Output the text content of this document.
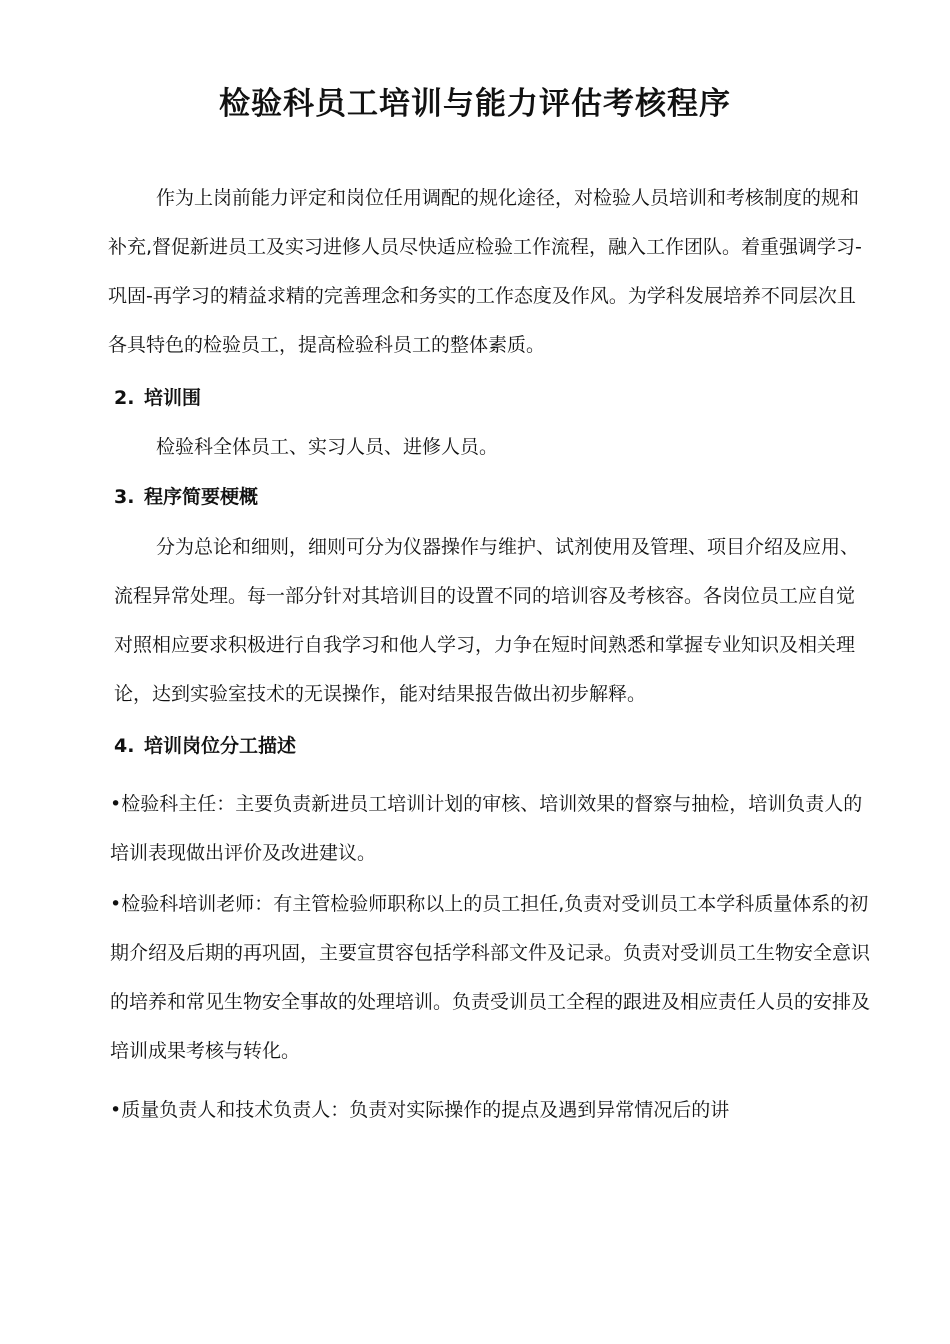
检验科员工培训与能力评估考核程序

作为上岗前能力评定和岗位任用调配的规化途径，对检验人员培训和考核制度的规和补充,督促新进员工及实习进修人员尽快适应检验工作流程，融入工作团队。着重强调学习-巩固-再学习的精益求精的完善理念和务实的工作态度及作风。为学科发展培养不同层次且各具特色的检验员工，提高检验科员工的整体素质。

2. 培训围

检验科全体员工、实习人员、进修人员。

3. 程序简要梗概

分为总论和细则，细则可分为仪器操作与维护、试剂使用及管理、项目介绍及应用、流程异常处理。每一部分针对其培训目的设置不同的培训容及考核容。各岗位员工应自觉对照相应要求积极进行自我学习和他人学习，力争在短时间熟悉和掌握专业知识及相关理论，达到实验室技术的无误操作，能对结果报告做出初步解释。

4. 培训岗位分工描述
•检验科主任：主要负责新进员工培训计划的审核、培训效果的督察与抽检，培训负责人的培训表现做出评价及改进建议。
•检验科培训老师：有主管检验师职称以上的员工担任,负责对受训员工本学科质量体系的初期介绍及后期的再巩固，主要宣贯容包括学科部文件及记录。负责对受训员工生物安全意识的培养和常见生物安全事故的处理培训。负责受训员工全程的跟进及相应责任人员的安排及培训成果考核与转化。
•质量负责人和技术负责人：负责对实际操作的提点及遇到异常情况后的讲
